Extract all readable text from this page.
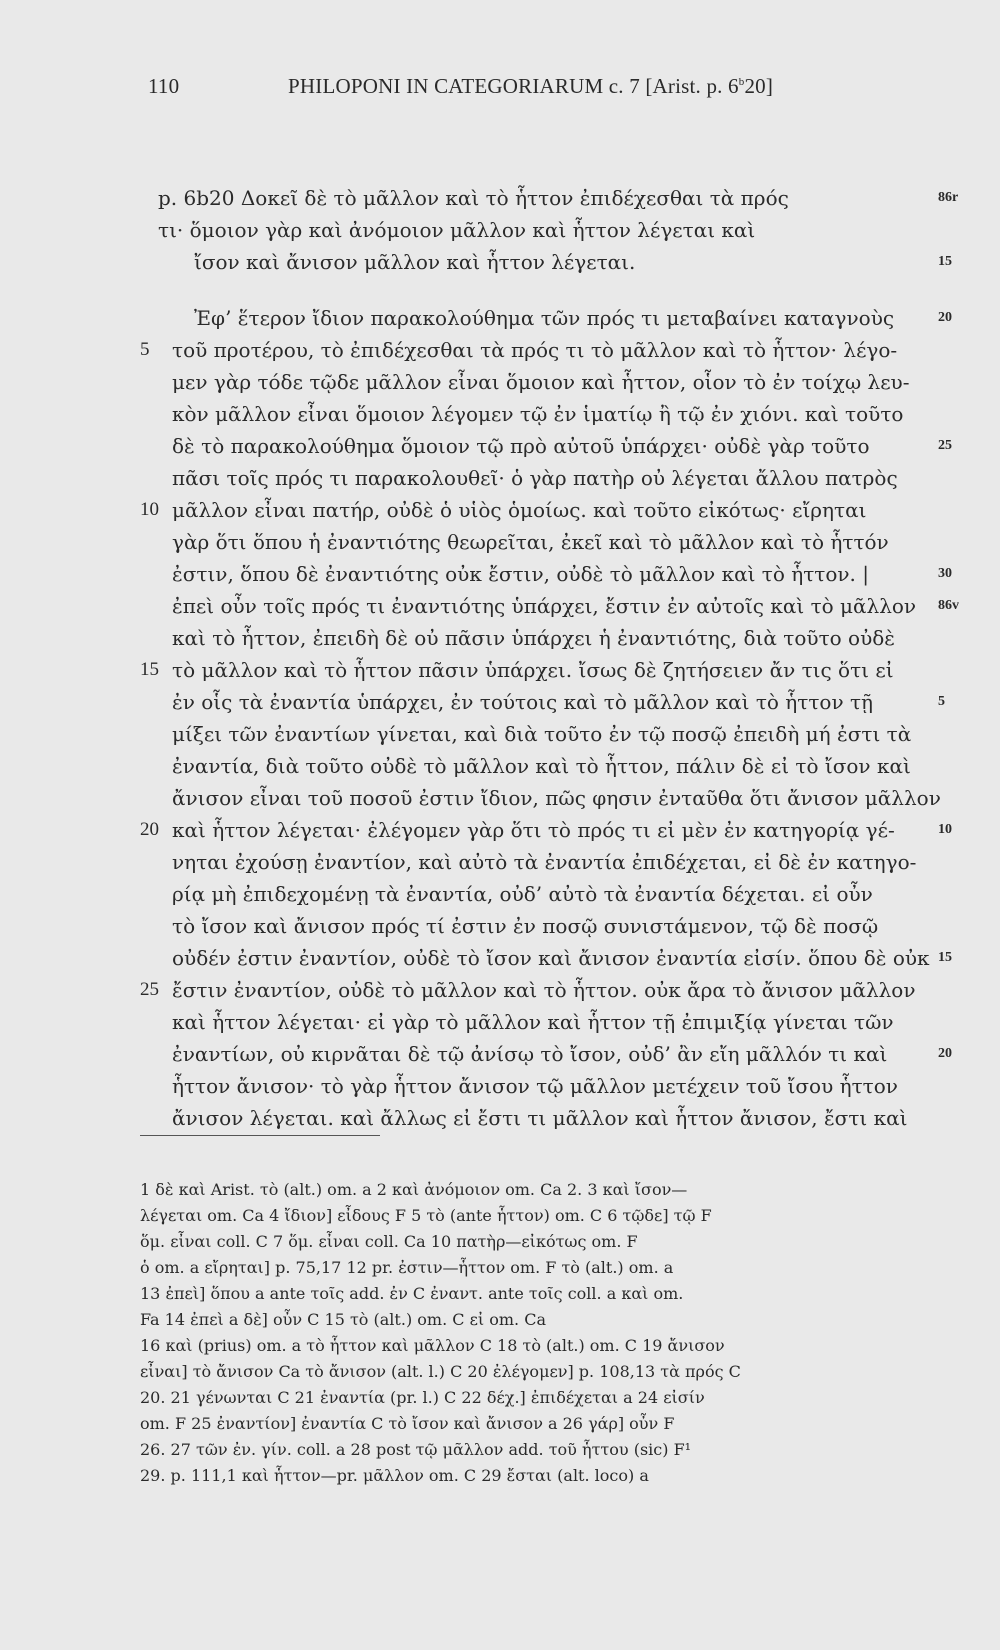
110	PHILOPONI IN CATEGORIARUM c. 7 [Arist. p. 6$^b$20]
p. 6b20 Δοκεῖ δὲ τὸ μᾶλλον καὶ τὸ ἧττον ἐπιδέχεσθαι τὰ πρός
τι· ὅμοιον γὰρ καὶ ἀνόμοιον μᾶλλον καὶ ἧττον λέγεται καὶ
ἴσον καὶ ἄνισον μᾶλλον καὶ ἧττον λέγεται.
Ἐφ’ ἕτερον ἴδιον παρακολούθημα τῶν πρός τι μεταβαίνει καταγνοὺς
τοῦ προτέρου, τὸ ἐπιδέχεσθαι τὰ πρός τι τὸ μᾶλλον καὶ τὸ ἧττον· λέγο-
μεν γὰρ τόδε τῷδε μᾶλλον εἶναι ὅμοιον καὶ ἧττον, οἷον τὸ ἐν τοίχῳ λευ-
κὸν μᾶλλον εἶναι ὅμοιον λέγομεν τῷ ἐν ἱματίῳ ἢ τῷ ἐν χιόνι. καὶ τοῦτο
δὲ τὸ παρακολούθημα ὅμοιον τῷ πρὸ αὐτοῦ ὑπάρχει· οὐδὲ γὰρ τοῦτο
πᾶσι τοῖς πρός τι παρακολουθεῖ· ὁ γὰρ πατὴρ οὐ λέγεται ἄλλου πατρὸς
μᾶλλον εἶναι πατήρ, οὐδὲ ὁ υἱὸς ὁμοίως. καὶ τοῦτο εἰκότως· εἴρηται
γὰρ ὅτι ὅπου ἡ ἐναντιότης θεωρεῖται, ἐκεῖ καὶ τὸ μᾶλλον καὶ τὸ ἧττόν
ἐστιν, ὅπου δὲ ἐναντιότης οὐκ ἔστιν, οὐδὲ τὸ μᾶλλον καὶ τὸ ἧττον. |
ἐπεὶ οὖν τοῖς πρός τι ἐναντιότης ὑπάρχει, ἔστιν ἐν αὐτοῖς καὶ τὸ μᾶλλον
καὶ τὸ ἧττον, ἐπειδὴ δὲ οὐ πᾶσιν ὑπάρχει ἡ ἐναντιότης, διὰ τοῦτο οὐδὲ
τὸ μᾶλλον καὶ τὸ ἧττον πᾶσιν ὑπάρχει. ἴσως δὲ ζητήσειεν ἄν τις ὅτι εἰ
ἐν οἷς τὰ ἐναντία ὑπάρχει, ἐν τούτοις καὶ τὸ μᾶλλον καὶ τὸ ἧττον τῇ
μίξει τῶν ἐναντίων γίνεται, καὶ διὰ τοῦτο ἐν τῷ ποσῷ ἐπειδὴ μή ἐστι τὰ
ἐναντία, διὰ τοῦτο οὐδὲ τὸ μᾶλλον καὶ τὸ ἧττον, πάλιν δὲ εἰ τὸ ἴσον καὶ
ἄνισον εἶναι τοῦ ποσοῦ ἐστιν ἴδιον, πῶς φησιν ἐνταῦθα ὅτι ἄνισον μᾶλλον
καὶ ἧττον λέγεται· ἐλέγομεν γὰρ ὅτι τὸ πρός τι εἰ μὲν ἐν κατηγορίᾳ γέ-
νηται ἐχούσῃ ἐναντίον, καὶ αὐτὸ τὰ ἐναντία ἐπιδέχεται, εἰ δὲ ἐν κατηγο-
ρίᾳ μὴ ἐπιδεχομένῃ τὰ ἐναντία, οὐδ’ αὐτὸ τὰ ἐναντία δέχεται. εἰ οὖν
τὸ ἴσον καὶ ἄνισον πρός τί ἐστιν ἐν ποσῷ συνιστάμενον, τῷ δὲ ποσῷ
οὐδέν ἐστιν ἐναντίον, οὐδὲ τὸ ἴσον καὶ ἄνισον ἐναντία εἰσίν. ὅπου δὲ οὐκ
ἔστιν ἐναντίον, οὐδὲ τὸ μᾶλλον καὶ τὸ ἧττον. οὐκ ἄρα τὸ ἄνισον μᾶλλον
καὶ ἧττον λέγεται· εἰ γὰρ τὸ μᾶλλον καὶ ἧττον τῇ ἐπιμιξίᾳ γίνεται τῶν
ἐναντίων, οὐ κιρνᾶται δὲ τῷ ἀνίσῳ τὸ ἴσον, οὐδ’ ἂν εἴη μᾶλλόν τι καὶ
ἧττον ἄνισον· τὸ γὰρ ἧττον ἄνισον τῷ μᾶλλον μετέχειν τοῦ ἴσου ἧττον
ἄνισον λέγεται. καὶ ἄλλως εἰ ἔστι τι μᾶλλον καὶ ἧττον ἄνισον, ἔστι καὶ
5
10
15
20
25
86r
15
20
25
30
86v
5
10
15
20
1 δὲ καὶ Arist. τὸ (alt.) om. a 2 καὶ ἀνόμοιον om. Ca 2. 3 καὶ ἴσον—
λέγεται om. Ca 4 ἴδιον] εἶδους F 5 τὸ (ante ἧττον) om. C 6 τῷδε] τῷ F
ὅμ. εἶναι coll. C 7 ὅμ. εἶναι coll. Ca 10 πατὴρ—εἰκότως om. F
ὁ om. a εἴρηται] p. 75,17 12 pr. ἐστιν—ἧττον om. F τὸ (alt.) om. a
13 ἐπεὶ] ὅπου a ante τοῖς add. ἐν C ἐναντ. ante τοῖς coll. a καὶ om.
Fa 14 ἐπεὶ a δὲ] οὖν C 15 τὸ (alt.) om. C εἰ om. Ca
16 καὶ (prius) om. a τὸ ἧττον καὶ μᾶλλον C 18 τὸ (alt.) om. C 19 ἄνισον
εἶναι] τὸ ἄνισον Ca τὸ ἄνισον (alt. l.) C 20 ἐλέγομεν] p. 108,13 τὰ πρός C
20. 21 γένωνται C 21 ἐναντία (pr. l.) C 22 δέχ.] ἐπιδέχεται a 24 εἰσίν
om. F 25 ἐναντίον] ἐναντία C τὸ ἴσον καὶ ἄνισον a 26 γάρ] οὖν F
26. 27 τῶν ἐν. γίν. coll. a 28 post τῷ μᾶλλον add. τοῦ ἧττου (sic) F¹
29. p. 111,1 καὶ ἧττον—pr. μᾶλλον om. C 29 ἔσται (alt. loco) a
